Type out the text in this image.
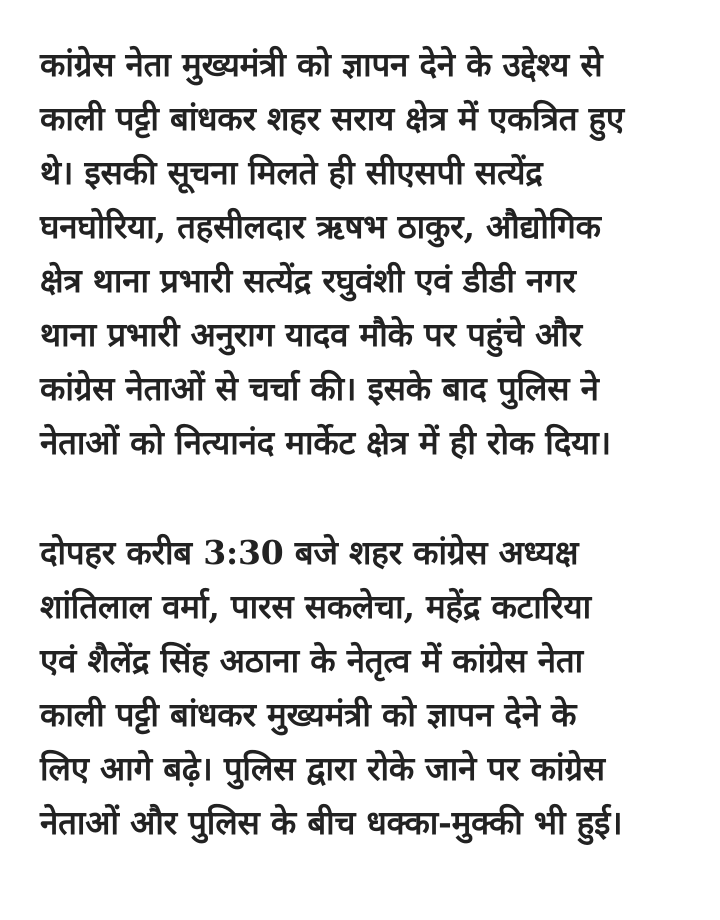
कांग्रेस नेता मुख्यमंत्री को ज्ञापन देने के उद्देश्य से
काली पट्टी बांधकर शहर सराय क्षेत्र में एकत्रित हुए
थे। इसकी सूचना मिलते ही सीएसपी सत्येंद्र
घनघोरिया, तहसीलदार ऋषभ ठाकुर, औद्योगिक
क्षेत्र थाना प्रभारी सत्येंद्र रघुवंशी एवं डीडी नगर
थाना प्रभारी अनुराग यादव मौके पर पहुंचे और
कांग्रेस नेताओं से चर्चा की। इसके बाद पुलिस ने
नेताओं को नित्यानंद मार्केट क्षेत्र में ही रोक दिया।

दोपहर करीब 3:30 बजे शहर कांग्रेस अध्यक्ष
शांतिलाल वर्मा, पारस सकलेचा, महेंद्र कटारिया
एवं शैलेंद्र सिंह अठाना के नेतृत्व में कांग्रेस नेता
काली पट्टी बांधकर मुख्यमंत्री को ज्ञापन देने के
लिए आगे बढ़े। पुलिस द्वारा रोके जाने पर कांग्रेस
नेताओं और पुलिस के बीच धक्का-मुक्की भी हुई।
